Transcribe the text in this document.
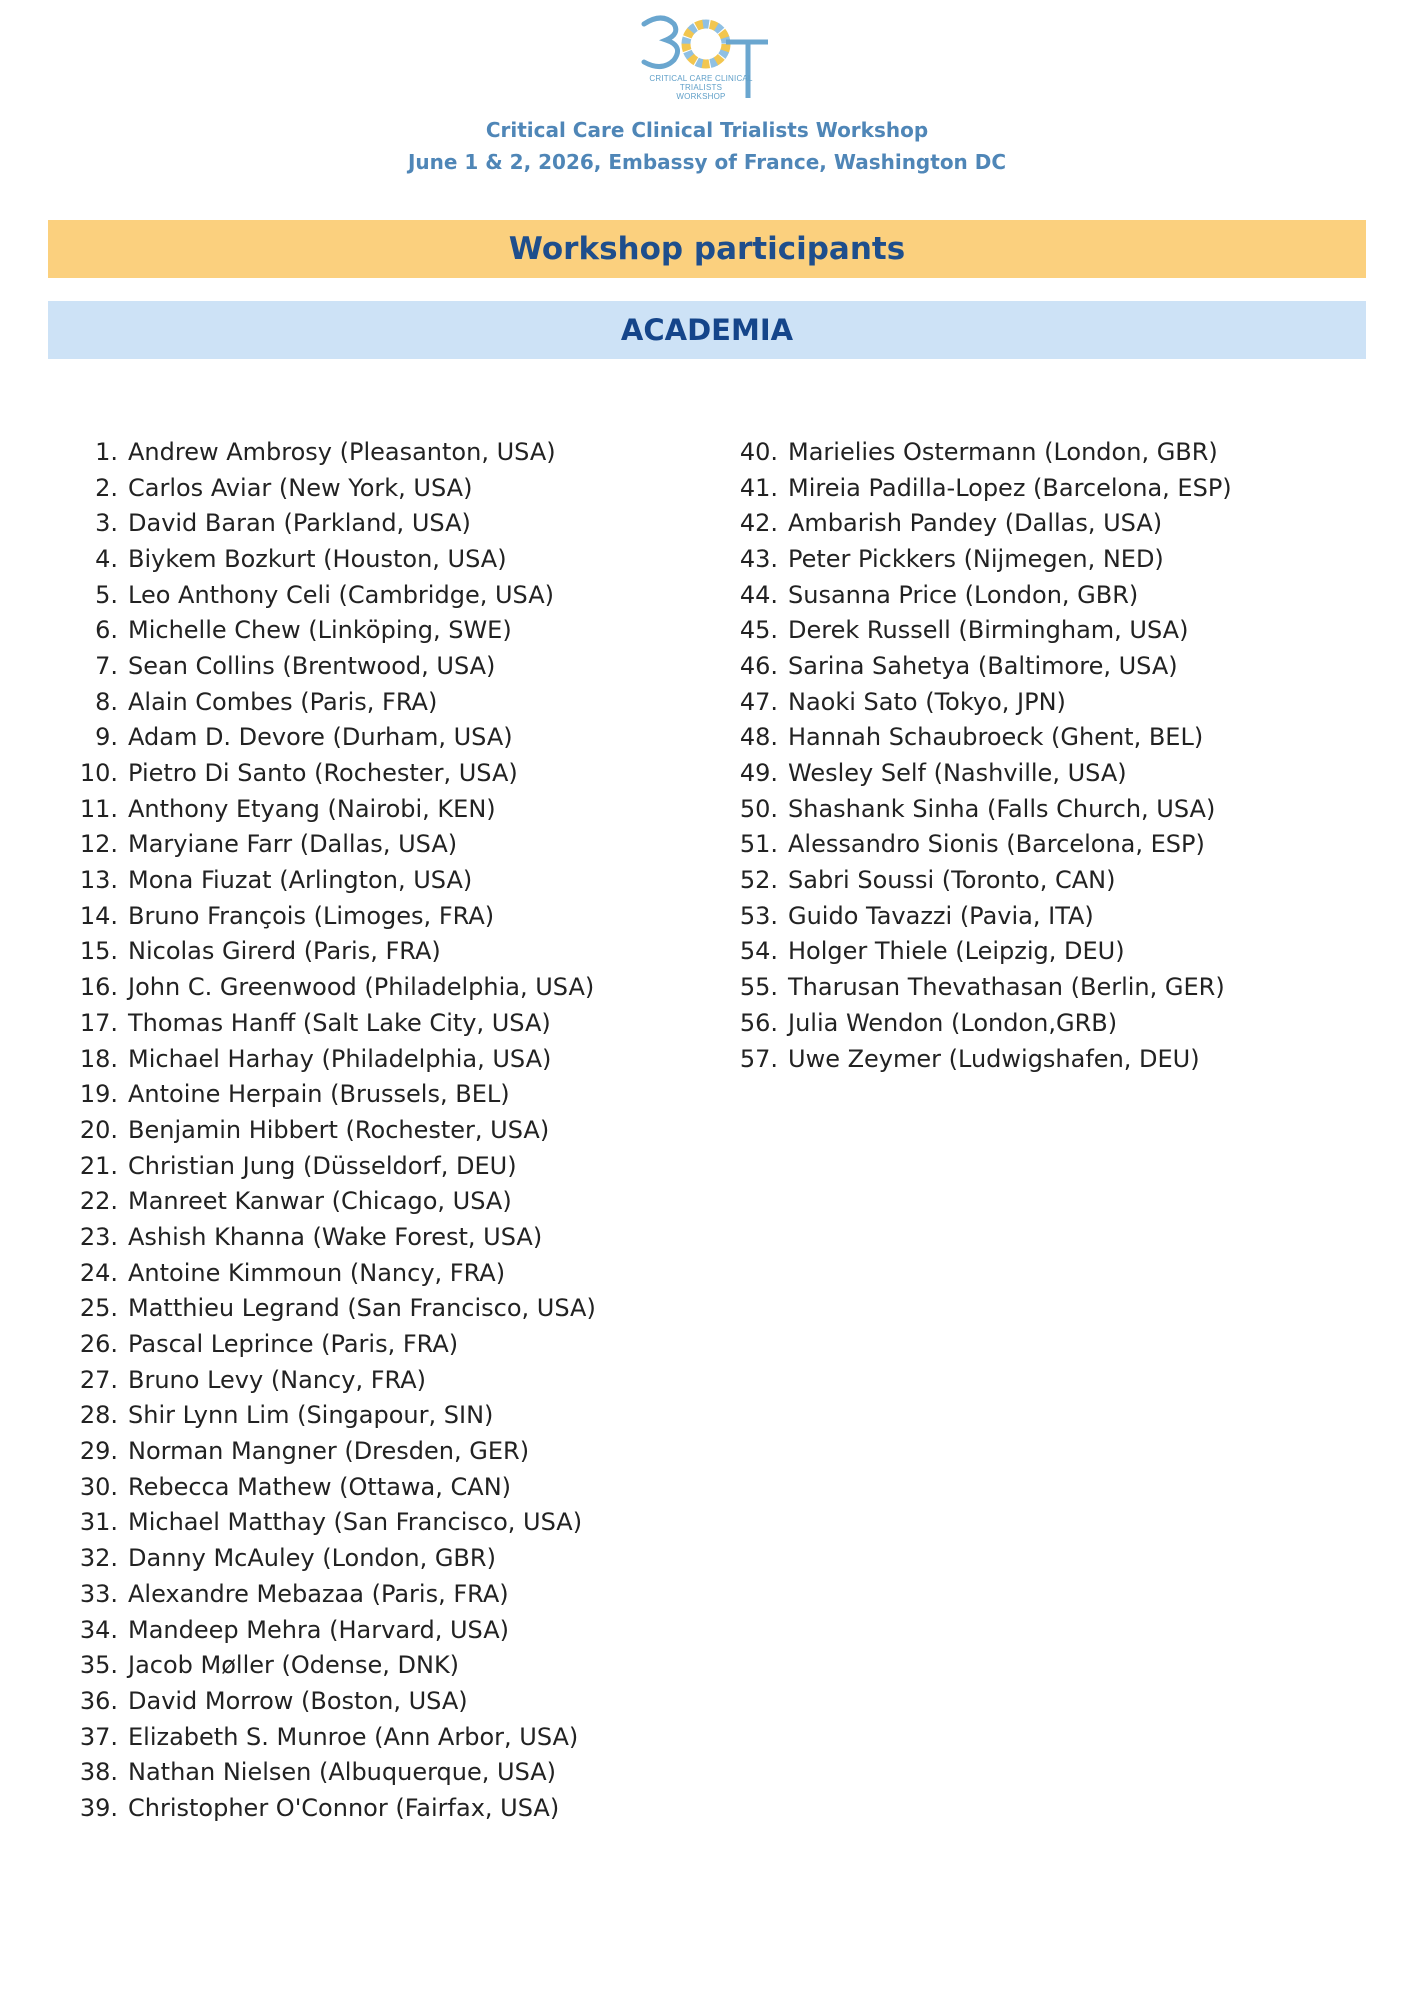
CRITICAL CARE CLINICAL
TRIALISTS
WORKSHOP
Critical Care Clinical Trialists Workshop
June 1 & 2, 2026, Embassy of France, Washington DC
Workshop participants
ACADEMIA
1. Andrew Ambrosy (Pleasanton, USA)
2. Carlos Aviar (New York, USA)
3. David Baran (Parkland, USA)
4. Biykem Bozkurt (Houston, USA)
5. Leo Anthony Celi (Cambridge, USA)
6. Michelle Chew (Linköping, SWE)
7. Sean Collins (Brentwood, USA)
8. Alain Combes (Paris, FRA)
9. Adam D. Devore (Durham, USA)
10. Pietro Di Santo (Rochester, USA)
11. Anthony Etyang (Nairobi, KEN)
12. Maryiane Farr (Dallas, USA)
13. Mona Fiuzat (Arlington, USA)
14. Bruno François (Limoges, FRA)
15. Nicolas Girerd (Paris, FRA)
16. John C. Greenwood (Philadelphia, USA)
17. Thomas Hanff (Salt Lake City, USA)
18. Michael Harhay (Philadelphia, USA)
19. Antoine Herpain (Brussels, BEL)
20. Benjamin Hibbert (Rochester, USA)
21. Christian Jung (Düsseldorf, DEU)
22. Manreet Kanwar (Chicago, USA)
23. Ashish Khanna (Wake Forest, USA)
24. Antoine Kimmoun (Nancy, FRA)
25. Matthieu Legrand (San Francisco, USA)
26. Pascal Leprince (Paris, FRA)
27. Bruno Levy (Nancy, FRA)
28. Shir Lynn Lim (Singapour, SIN)
29. Norman Mangner (Dresden, GER)
30. Rebecca Mathew (Ottawa, CAN)
31. Michael Matthay (San Francisco, USA)
32. Danny McAuley (London, GBR)
33. Alexandre Mebazaa (Paris, FRA)
34. Mandeep Mehra (Harvard, USA)
35. Jacob Møller (Odense, DNK)
36. David Morrow (Boston, USA)
37. Elizabeth S. Munroe (Ann Arbor, USA)
38. Nathan Nielsen (Albuquerque, USA)
39. Christopher O'Connor (Fairfax, USA)
40. Marielies Ostermann (London, GBR)
41. Mireia Padilla-Lopez (Barcelona, ESP)
42. Ambarish Pandey (Dallas, USA)
43. Peter Pickkers (Nijmegen, NED)
44. Susanna Price (London, GBR)
45. Derek Russell (Birmingham, USA)
46. Sarina Sahetya (Baltimore, USA)
47. Naoki Sato (Tokyo, JPN)
48. Hannah Schaubroeck (Ghent, BEL)
49. Wesley Self (Nashville, USA)
50. Shashank Sinha (Falls Church, USA)
51. Alessandro Sionis (Barcelona, ESP)
52. Sabri Soussi (Toronto, CAN)
53. Guido Tavazzi (Pavia, ITA)
54. Holger Thiele (Leipzig, DEU)
55. Tharusan Thevathasan (Berlin, GER)
56. Julia Wendon (London,GRB)
57. Uwe Zeymer (Ludwigshafen, DEU)
